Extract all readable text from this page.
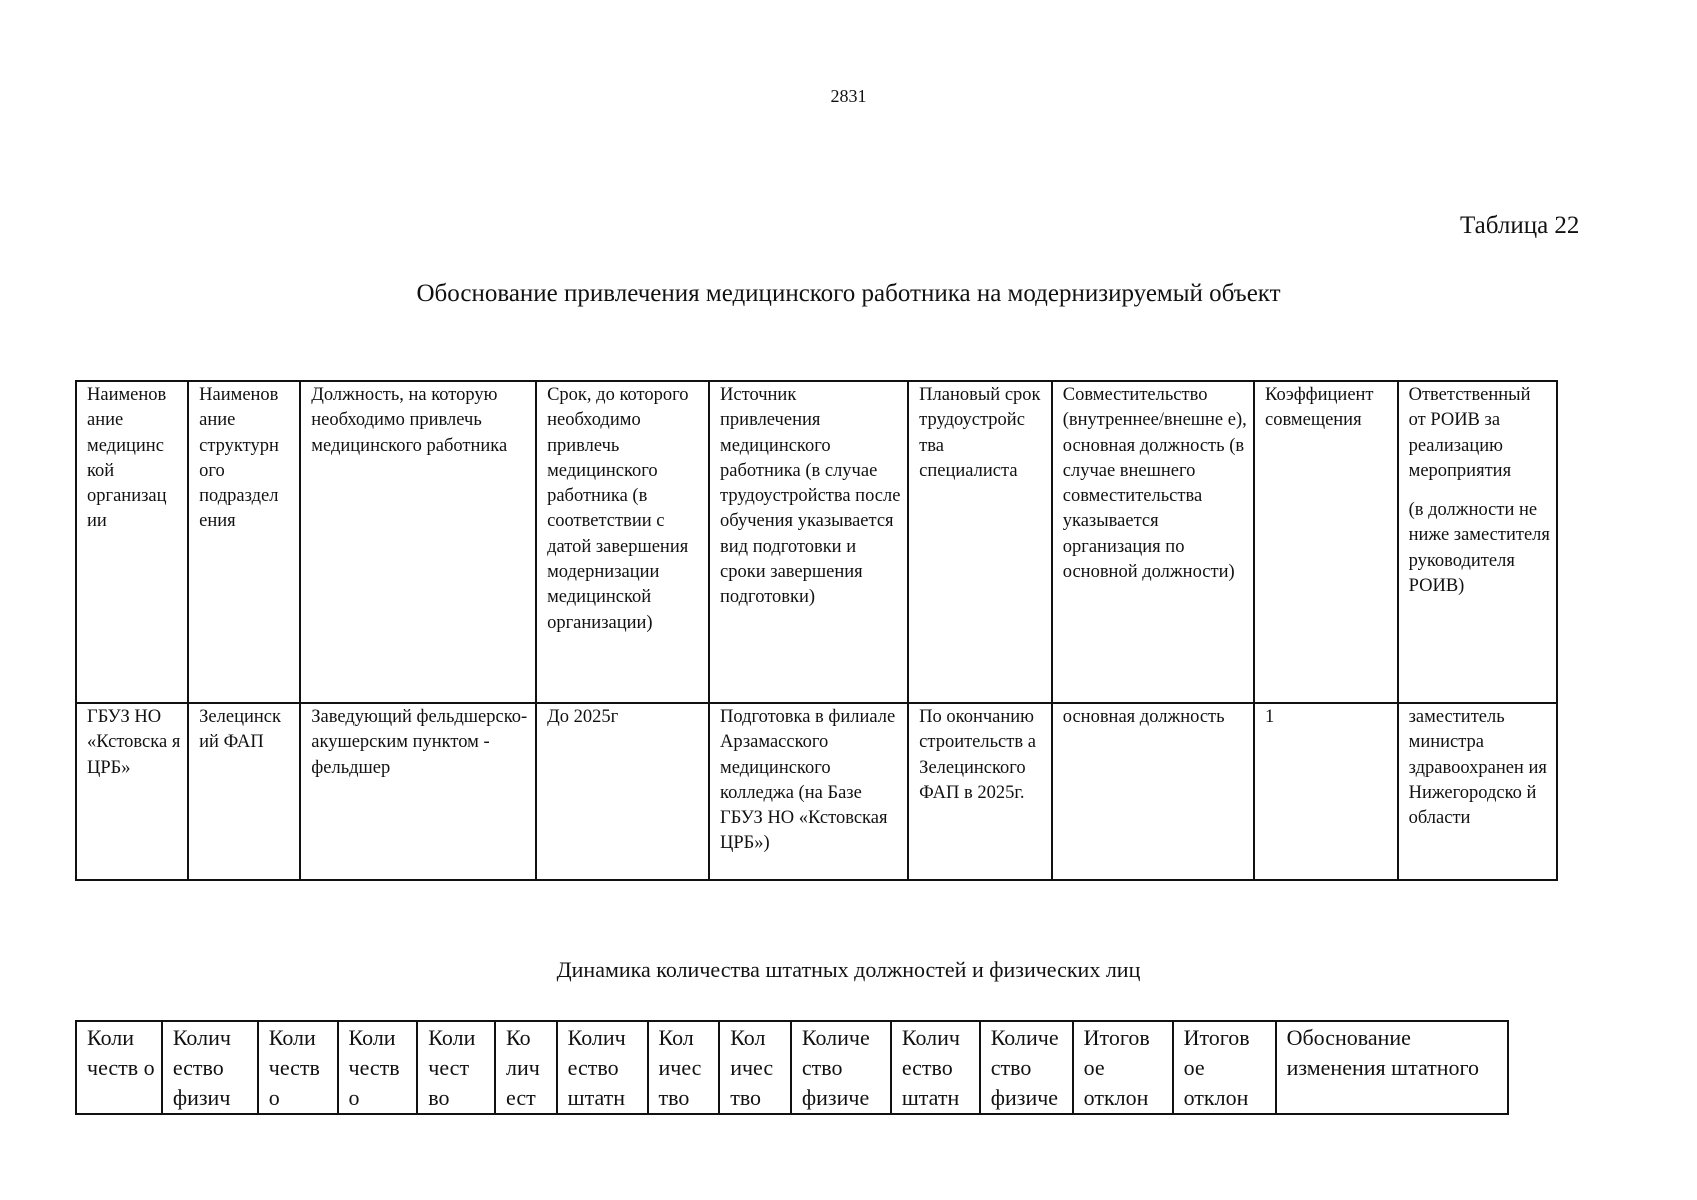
2831
Таблица 22
Обоснование привлечения медицинского работника на модернизируемый объект
Наименов ание медицинс кой организац ии	Наименов ание структурн ого подраздел ения	Должность, на которую необходимо привлечь медицинского работника	Срок, до которого необходимо привлечь медицинского работника (в соответствии с датой завершения модернизации медицинской организации)	Источник привлечения медицинского работника (в случае трудоустройства после обучения указывается вид подготовки и сроки завершения подготовки)	Плановый срок трудоустройс тва специалиста	Совместительство (внутреннее/внешне е), основная должность (в случае внешнего совместительства указывается организация по основной должности)	Коэффициент совмещения	Ответственный от РОИВ за реализацию мероприятия
(в должности не ниже заместителя руководителя РОИВ)

ГБУЗ НО «Кстовска я ЦРБ»	Зелецинск ий ФАП	Заведующий фельдшерско- акушерским пунктом - фельдшер	До 2025г	Подготовка в филиале Арзамасского медицинского колледжа (на Базе ГБУЗ НО «Кстовская ЦРБ»)	По окончанию строительств а Зелецинского ФАП в 2025г.	основная должность	1	заместитель министра здравоохранен ия Нижегородско й области
Динамика количества штатных должностей и физических лиц
Коли честв о	Колич ество физич	Коли честв о	Коли честв о	Коли чест во	Ко лич ест	Колич ество штатн	Кол ичес тво	Кол ичес тво	Количе ство физиче	Колич ество штатн	Количе ство физиче	Итогов ое отклон	Итогов ое отклон	Обоснование изменения штатного
